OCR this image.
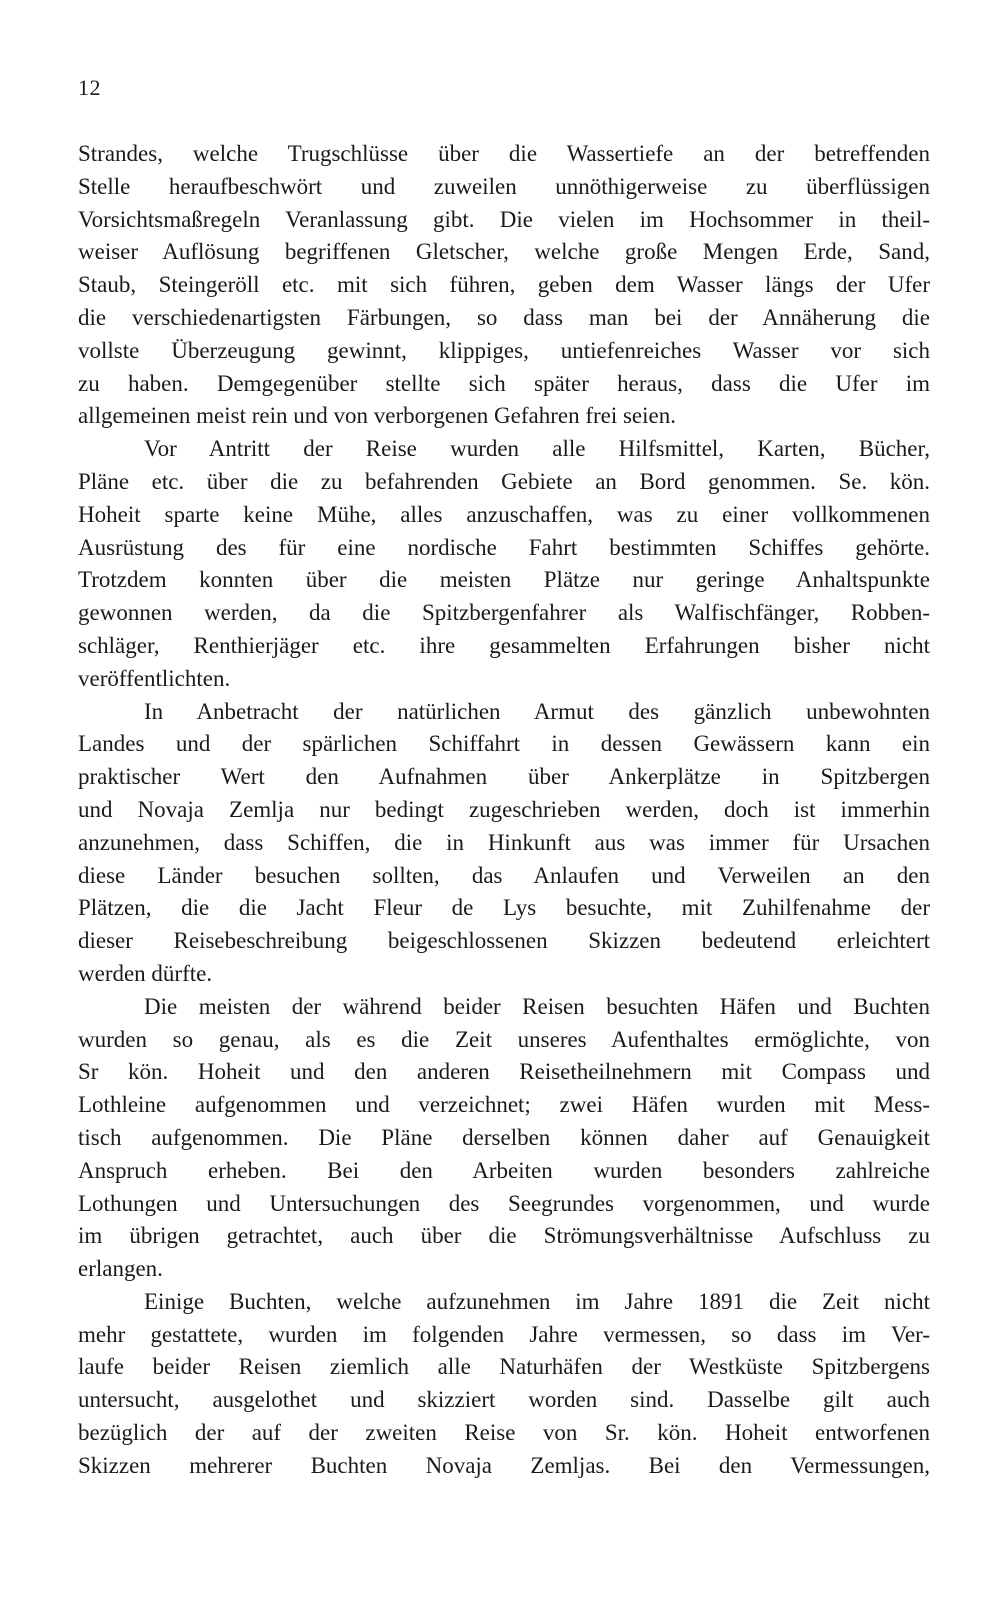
12
Strandes, welche Trugschlüsse über die Wassertiefe an der betreffenden
Stelle heraufbeschwört und zuweilen unnöthigerweise zu überflüssigen
Vorsichtsmaßregeln Veranlassung gibt. Die vielen im Hochsommer in theil-
weiser Auflösung begriffenen Gletscher, welche große Mengen Erde, Sand,
Staub, Steingeröll etc. mit sich führen, geben dem Wasser längs der Ufer
die verschiedenartigsten Färbungen, so dass man bei der Annäherung die
vollste Überzeugung gewinnt, klippiges, untiefenreiches Wasser vor sich
zu haben. Demgegenüber stellte sich später heraus, dass die Ufer im
allgemeinen meist rein und von verborgenen Gefahren frei seien.
Vor Antritt der Reise wurden alle Hilfsmittel, Karten, Bücher,
Pläne etc. über die zu befahrenden Gebiete an Bord genommen. Se. kön.
Hoheit sparte keine Mühe, alles anzuschaffen, was zu einer vollkommenen
Ausrüstung des für eine nordische Fahrt bestimmten Schiffes gehörte.
Trotzdem konnten über die meisten Plätze nur geringe Anhaltspunkte
gewonnen werden, da die Spitzbergenfahrer als Walfischfänger, Robben-
schläger, Renthierjäger etc. ihre gesammelten Erfahrungen bisher nicht
veröffentlichten.
In Anbetracht der natürlichen Armut des gänzlich unbewohnten
Landes und der spärlichen Schiffahrt in dessen Gewässern kann ein
praktischer Wert den Aufnahmen über Ankerplätze in Spitzbergen
und Novaja Zemlja nur bedingt zugeschrieben werden, doch ist immerhin
anzunehmen, dass Schiffen, die in Hinkunft aus was immer für Ursachen
diese Länder besuchen sollten, das Anlaufen und Verweilen an den
Plätzen, die die Jacht Fleur de Lys besuchte, mit Zuhilfenahme der
dieser Reisebeschreibung beigeschlossenen Skizzen bedeutend erleichtert
werden dürfte.
Die meisten der während beider Reisen besuchten Häfen und Buchten
wurden so genau, als es die Zeit unseres Aufenthaltes ermöglichte, von
Sr kön. Hoheit und den anderen Reisetheilnehmern mit Compass und
Lothleine aufgenommen und verzeichnet; zwei Häfen wurden mit Mess-
tisch aufgenommen. Die Pläne derselben können daher auf Genauigkeit
Anspruch erheben. Bei den Arbeiten wurden besonders zahlreiche
Lothungen und Untersuchungen des Seegrundes vorgenommen, und wurde
im übrigen getrachtet, auch über die Strömungsverhältnisse Aufschluss zu
erlangen.
Einige Buchten, welche aufzunehmen im Jahre 1891 die Zeit nicht
mehr gestattete, wurden im folgenden Jahre vermessen, so dass im Ver-
laufe beider Reisen ziemlich alle Naturhäfen der Westküste Spitzbergens
untersucht, ausgelothet und skizziert worden sind. Dasselbe gilt auch
bezüglich der auf der zweiten Reise von Sr. kön. Hoheit entworfenen
Skizzen mehrerer Buchten Novaja Zemljas. Bei den Vermessungen,
